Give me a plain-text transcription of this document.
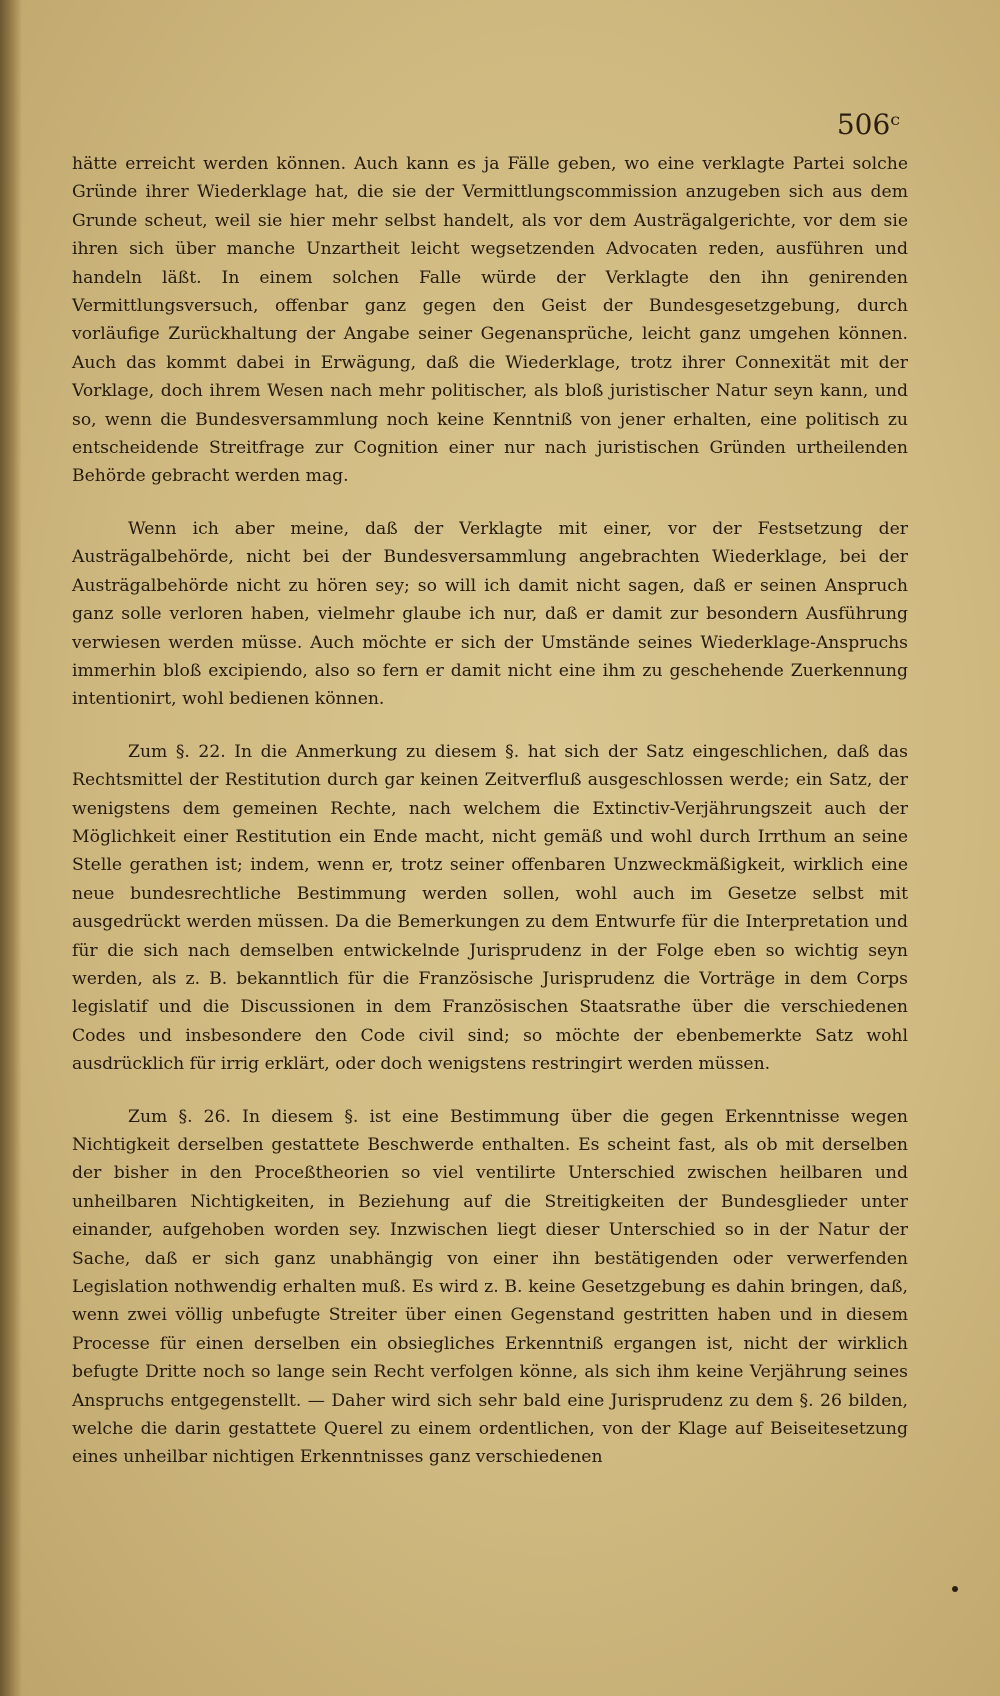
506ᶜ

hätte erreicht werden können. Auch kann es ja Fälle geben, wo eine verklagte Partei solche Gründe ihrer Wiederklage hat, die sie der Vermittlungscommission anzugeben sich aus dem Grunde scheut, weil sie hier mehr selbst handelt, als vor dem Austrägalgerichte, vor dem sie ihren sich über manche Unzartheit leicht wegsetzenden Advocaten reden, ausführen und handeln läßt. In einem solchen Falle würde der Verklagte den ihn genirenden Vermittlungsversuch, offenbar ganz gegen den Geist der Bundesgesetzgebung, durch vorläufige Zurückhaltung der Angabe seiner Gegenansprüche, leicht ganz umgehen können. Auch das kommt dabei in Erwägung, daß die Wiederklage, trotz ihrer Connexität mit der Vorklage, doch ihrem Wesen nach mehr politischer, als bloß juristischer Natur seyn kann, und so, wenn die Bundesversammlung noch keine Kenntniß von jener erhalten, eine politisch zu entscheidende Streitfrage zur Cognition einer nur nach juristischen Gründen urtheilenden Behörde gebracht werden mag.

Wenn ich aber meine, daß der Verklagte mit einer, vor der Festsetzung der Austrägalbehörde, nicht bei der Bundesversammlung angebrachten Wiederklage, bei der Austrägalbehörde nicht zu hören sey; so will ich damit nicht sagen, daß er seinen Anspruch ganz solle verloren haben, vielmehr glaube ich nur, daß er damit zur besondern Ausführung verwiesen werden müsse. Auch möchte er sich der Umstände seines Wiederklage-Anspruchs immerhin bloß excipiendo, also so fern er damit nicht eine ihm zu geschehende Zuerkennung intentionirt, wohl bedienen können.

Zum §. 22. In die Anmerkung zu diesem §. hat sich der Satz eingeschlichen, daß das Rechtsmittel der Restitution durch gar keinen Zeitverfluß ausgeschlossen werde; ein Satz, der wenigstens dem gemeinen Rechte, nach welchem die Extinctiv-Verjährungszeit auch der Möglichkeit einer Restitution ein Ende macht, nicht gemäß und wohl durch Irrthum an seine Stelle gerathen ist; indem, wenn er, trotz seiner offenbaren Unzweckmäßigkeit, wirklich eine neue bundesrechtliche Bestimmung werden sollen, wohl auch im Gesetze selbst mit ausgedrückt werden müssen. Da die Bemerkungen zu dem Entwurfe für die Interpretation und für die sich nach demselben entwickelnde Jurisprudenz in der Folge eben so wichtig seyn werden, als z. B. bekanntlich für die Französische Jurisprudenz die Vorträge in dem Corps legislatif und die Discussionen in dem Französischen Staatsrathe über die verschiedenen Codes und insbesondere den Code civil sind; so möchte der ebenbemerkte Satz wohl ausdrücklich für irrig erklärt, oder doch wenigstens restringirt werden müssen.

Zum §. 26. In diesem §. ist eine Bestimmung über die gegen Erkenntnisse wegen Nichtigkeit derselben gestattete Beschwerde enthalten. Es scheint fast, als ob mit derselben der bisher in den Proceßtheorien so viel ventilirte Unterschied zwischen heilbaren und unheilbaren Nichtigkeiten, in Beziehung auf die Streitigkeiten der Bundesglieder unter einander, aufgehoben worden sey. Inzwischen liegt dieser Unterschied so in der Natur der Sache, daß er sich ganz unabhängig von einer ihn bestätigenden oder verwerfenden Legislation nothwendig erhalten muß. Es wird z. B. keine Gesetzgebung es dahin bringen, daß, wenn zwei völlig unbefugte Streiter über einen Gegenstand gestritten haben und in diesem Processe für einen derselben ein obsiegliches Erkenntniß ergangen ist, nicht der wirklich befugte Dritte noch so lange sein Recht verfolgen könne, als sich ihm keine Verjährung seines Anspruchs entgegenstellt. — Daher wird sich sehr bald eine Jurisprudenz zu dem §. 26 bilden, welche die darin gestattete Querel zu einem ordentlichen, von der Klage auf Beiseitesetzung eines unheilbar nichtigen Erkenntnisses ganz verschiedenen
